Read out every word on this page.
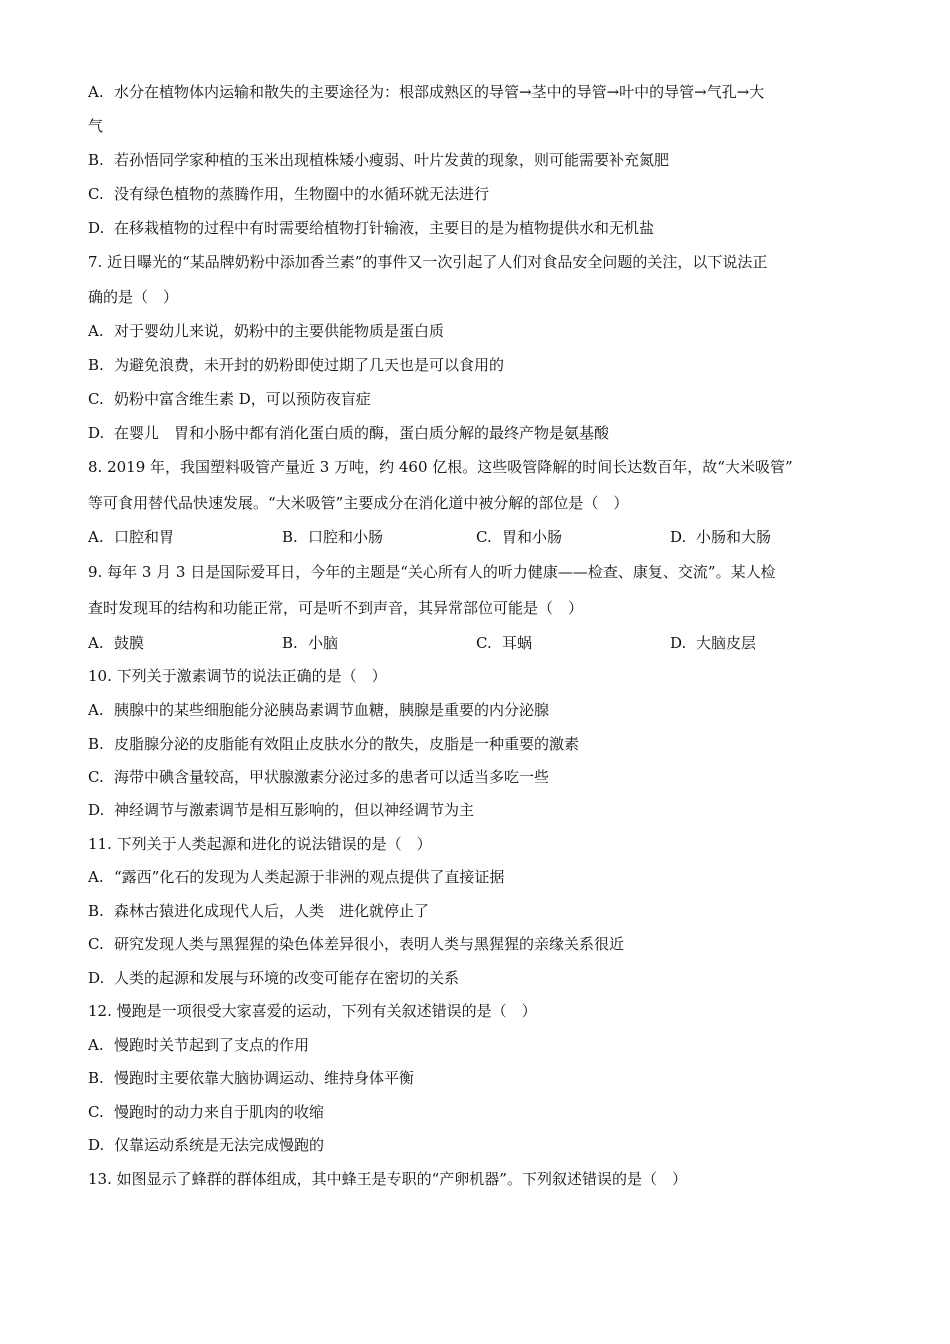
A. 水分在植物体内运输和散失的主要途径为：根部成熟区的导管→茎中的导管→叶中的导管→气孔→大
气
B. 若孙悟同学家种植的玉米出现植株矮小瘦弱、叶片发黄的现象，则可能需要补充氮肥
C. 没有绿色植物的蒸腾作用，生物圈中的水循环就无法进行
D. 在移栽植物的过程中有时需要给植物打针输液，主要目的是为植物提供水和无机盐
7. 近日曝光的“某品牌奶粉中添加香兰素”的事件又一次引起了人们对食品安全问题的关注，以下说法正
确的是（　）
A. 对于婴幼儿来说，奶粉中的主要供能物质是蛋白质
B. 为避免浪费，未开封的奶粉即使过期了几天也是可以食用的
C. 奶粉中富含维生素 D，可以预防夜盲症
D. 在婴儿　胃和小肠中都有消化蛋白质的酶，蛋白质分解的最终产物是氨基酸
8. 2019 年，我国塑料吸管产量近 3 万吨，约 460 亿根。这些吸管降解的时间长达数百年，故“大米吸管”
等可食用替代品快速发展。“大米吸管”主要成分在消化道中被分解的部位是（　）
A. 口腔和胃	B. 口腔和小肠	C. 胃和小肠	D. 小肠和大肠
9. 每年 3 月 3 日是国际爱耳日，今年的主题是“关心所有人的听力健康——检查、康复、交流”。某人检
查时发现耳的结构和功能正常，可是听不到声音，其异常部位可能是（　）
A. 鼓膜	B. 小脑	C. 耳蜗	D. 大脑皮层
10. 下列关于激素调节的说法正确的是（　）
A. 胰腺中的某些细胞能分泌胰岛素调节血糖，胰腺是重要的内分泌腺
B. 皮脂腺分泌的皮脂能有效阻止皮肤水分的散失，皮脂是一种重要的激素
C. 海带中碘含量较高，甲状腺激素分泌过多的患者可以适当多吃一些
D. 神经调节与激素调节是相互影响的，但以神经调节为主
11. 下列关于人类起源和进化的说法错误的是（　）
A. “露西”化石的发现为人类起源于非洲的观点提供了直接证据
B. 森林古猿进化成现代人后，人类　进化就停止了
C. 研究发现人类与黑猩猩的染色体差异很小，表明人类与黑猩猩的亲缘关系很近
D. 人类的起源和发展与环境的改变可能存在密切的关系
12. 慢跑是一项很受大家喜爱的运动，下列有关叙述错误的是（　）
A. 慢跑时关节起到了支点的作用
B. 慢跑时主要依靠大脑协调运动、维持身体平衡
C. 慢跑时的动力来自于肌肉的收缩
D. 仅靠运动系统是无法完成慢跑的
13. 如图显示了蜂群的群体组成，其中蜂王是专职的“产卵机器”。下列叙述错误的是（　）
